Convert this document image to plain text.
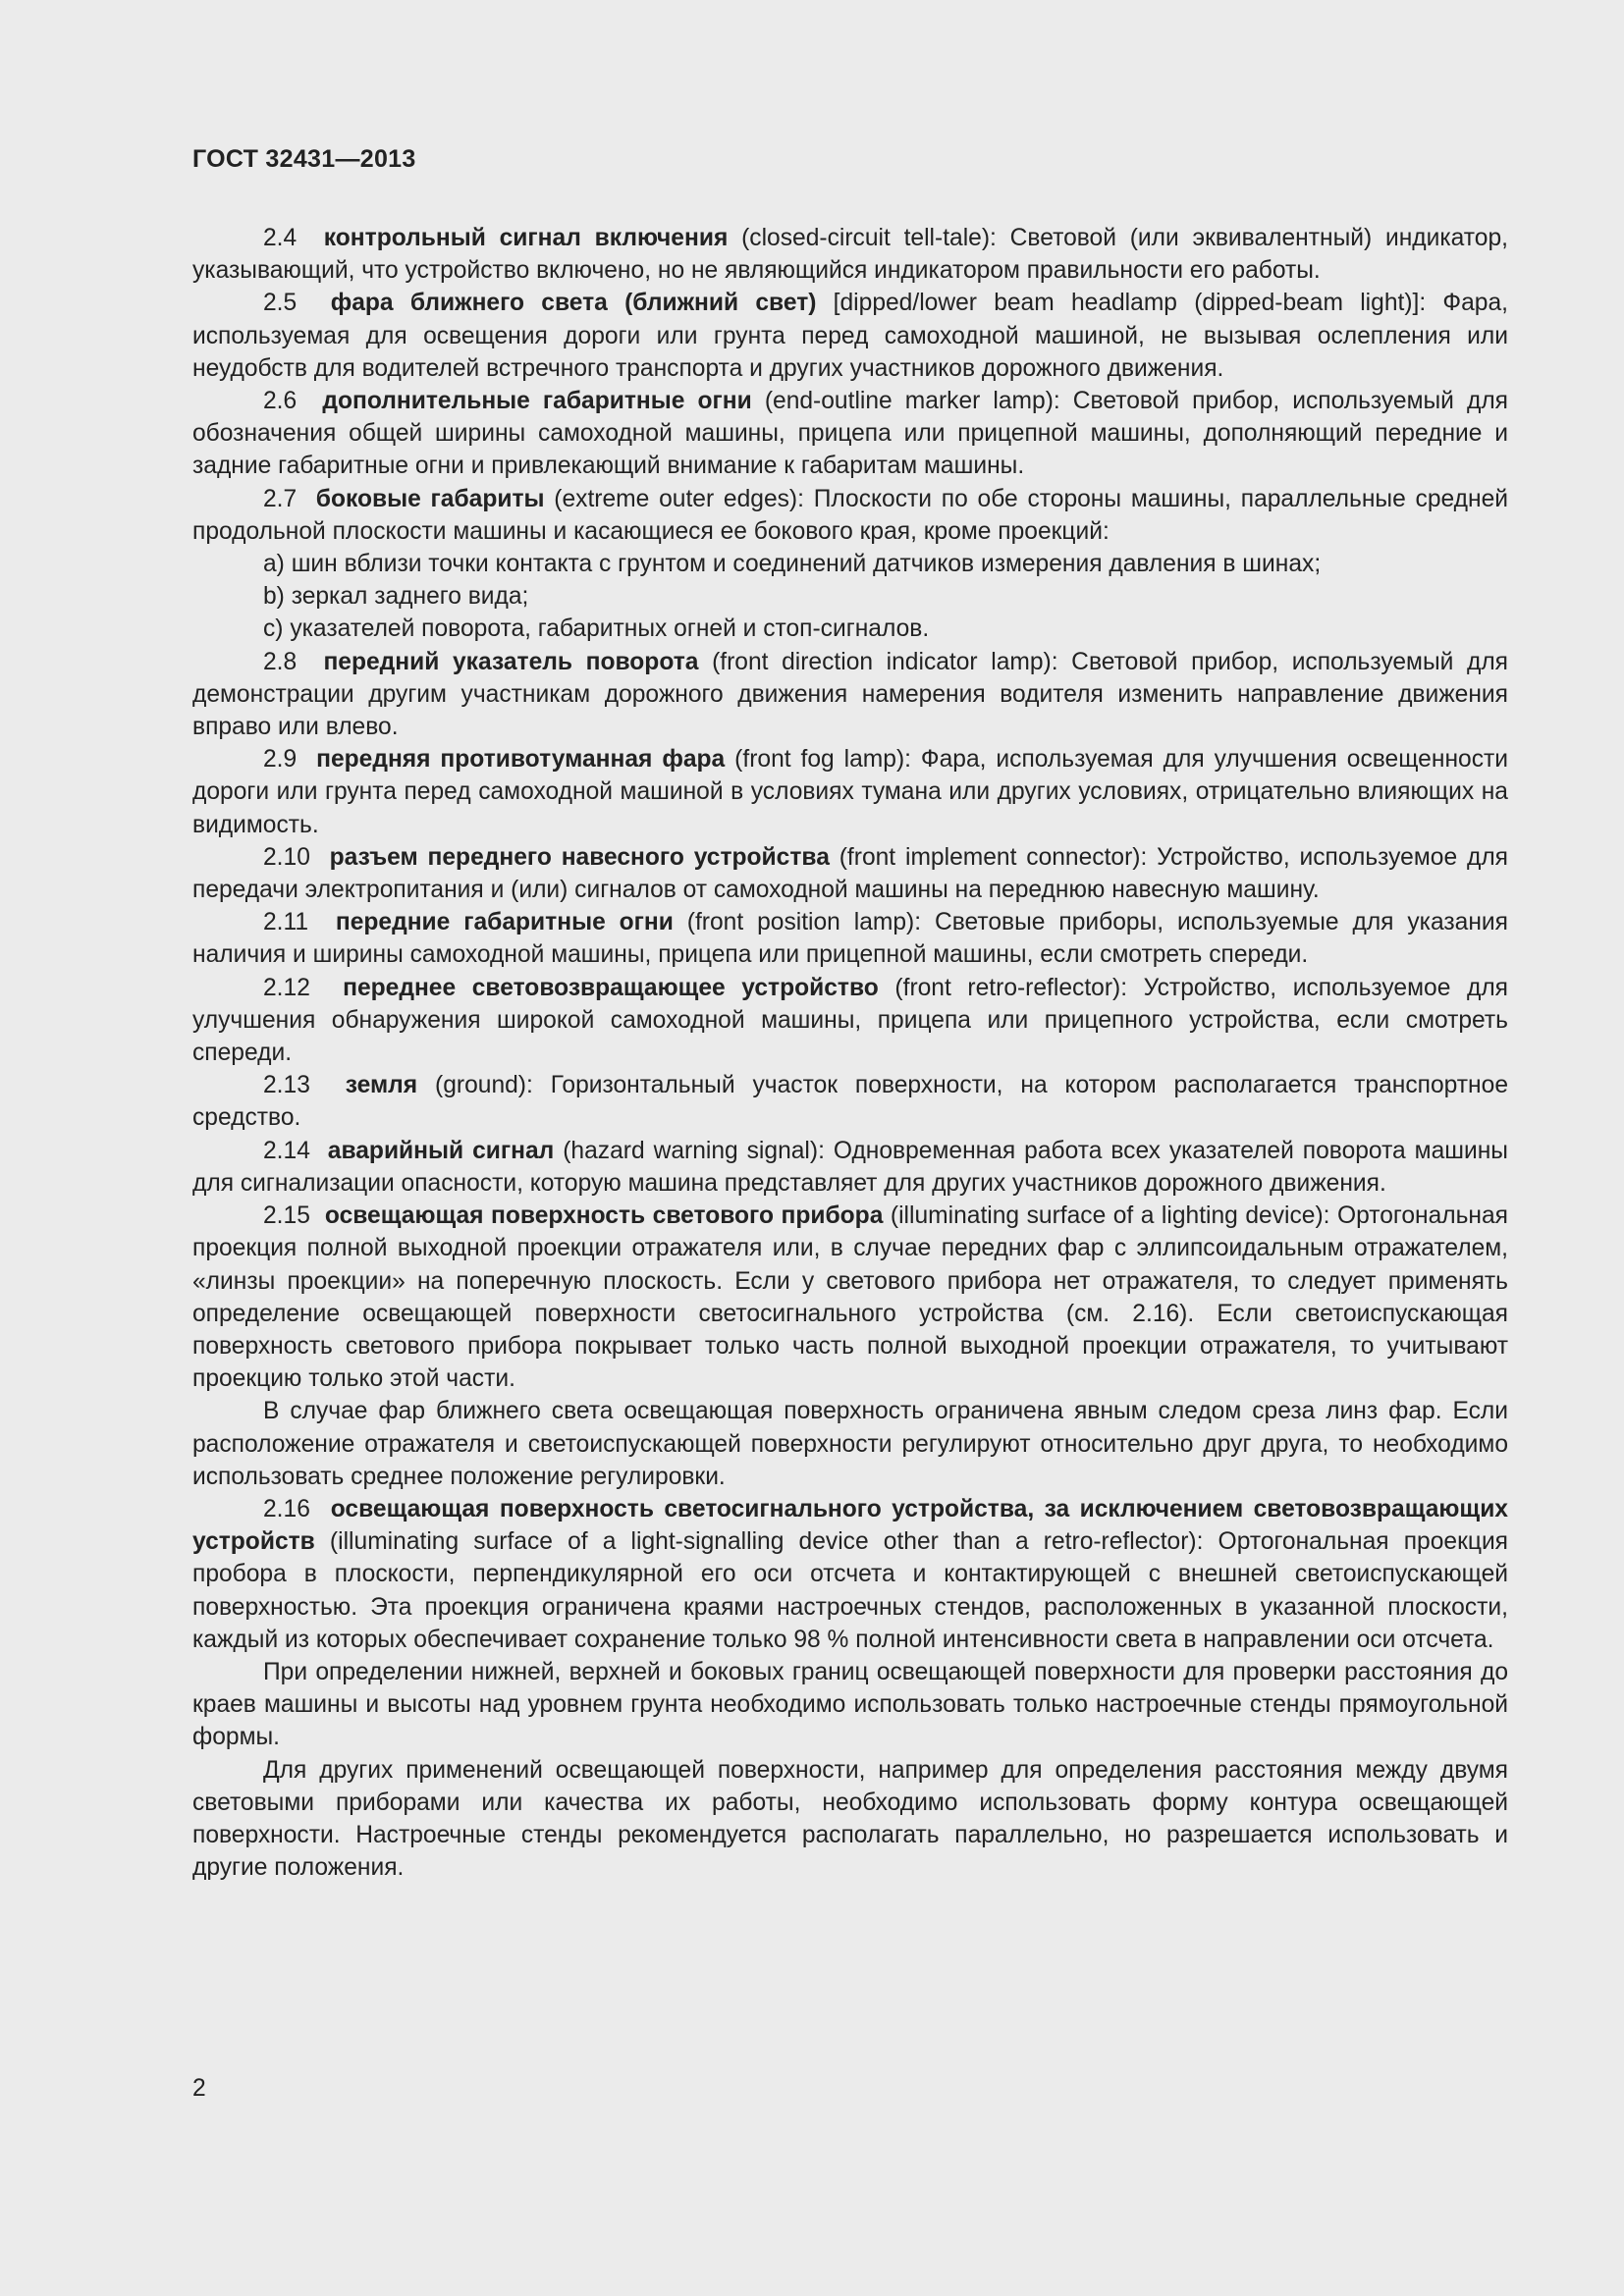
ГОСТ 32431—2013

2.4 контрольный сигнал включения (closed-circuit tell-tale): Световой (или эквивалентный) индикатор, указывающий, что устройство включено, но не являющийся индикатором правильности его работы.

2.5 фара ближнего света (ближний свет) [dipped/lower beam headlamp (dipped-beam light)]: Фара, используемая для освещения дороги или грунта перед самоходной машиной, не вызывая ослепления или неудобств для водителей встречного транспорта и других участников дорожного движения.

2.6 дополнительные габаритные огни (end-outline marker lamp): Световой прибор, используемый для обозначения общей ширины самоходной машины, прицепа или прицепной машины, дополняющий передние и задние габаритные огни и привлекающий внимание к габаритам машины.

2.7 боковые габариты (extreme outer edges): Плоскости по обе стороны машины, параллельные средней продольной плоскости машины и касающиеся ее бокового края, кроме проекций:

а) шин вблизи точки контакта с грунтом и соединений датчиков измерения давления в шинах;

b) зеркал заднего вида;

c) указателей поворота, габаритных огней и стоп-сигналов.

2.8 передний указатель поворота (front direction indicator lamp): Световой прибор, используемый для демонстрации другим участникам дорожного движения намерения водителя изменить направление движения вправо или влево.

2.9 передняя противотуманная фара (front fog lamp): Фара, используемая для улучшения освещенности дороги или грунта перед самоходной машиной в условиях тумана или других условиях, отрицательно влияющих на видимость.

2.10 разъем переднего навесного устройства (front implement connector): Устройство, используемое для передачи электропитания и (или) сигналов от самоходной машины на переднюю навесную машину.

2.11 передние габаритные огни (front position lamp): Световые приборы, используемые для указания наличия и ширины самоходной машины, прицепа или прицепной машины, если смотреть спереди.

2.12 переднее световозвращающее устройство (front retro-reflector): Устройство, используемое для улучшения обнаружения широкой самоходной машины, прицепа или прицепного устройства, если смотреть спереди.

2.13 земля (ground): Горизонтальный участок поверхности, на котором располагается транспортное средство.

2.14 аварийный сигнал (hazard warning signal): Одновременная работа всех указателей поворота машины для сигнализации опасности, которую машина представляет для других участников дорожного движения.

2.15 освещающая поверхность светового прибора (illuminating surface of a lighting device): Ортогональная проекция полной выходной проекции отражателя или, в случае передних фар с эллипсоидальным отражателем, «линзы проекции» на поперечную плоскость. Если у светового прибора нет отражателя, то следует применять определение освещающей поверхности светосигнального устройства (см. 2.16). Если светоиспускающая поверхность светового прибора покрывает только часть полной выходной проекции отражателя, то учитывают проекцию только этой части.

В случае фар ближнего света освещающая поверхность ограничена явным следом среза линз фар. Если расположение отражателя и светоиспускающей поверхности регулируют относительно друг друга, то необходимо использовать среднее положение регулировки.

2.16 освещающая поверхность светосигнального устройства, за исключением световозвращающих устройств (illuminating surface of a light-signalling device other than a retro-reflector): Ортогональная проекция пробора в плоскости, перпендикулярной его оси отсчета и контактирующей с внешней светоиспускающей поверхностью. Эта проекция ограничена краями настроечных стендов, расположенных в указанной плоскости, каждый из которых обеспечивает сохранение только 98 % полной интенсивности света в направлении оси отсчета.

При определении нижней, верхней и боковых границ освещающей поверхности для проверки расстояния до краев машины и высоты над уровнем грунта необходимо использовать только настроечные стенды прямоугольной формы.

Для других применений освещающей поверхности, например для определения расстояния между двумя световыми приборами или качества их работы, необходимо использовать форму контура освещающей поверхности. Настроечные стенды рекомендуется располагать параллельно, но разрешается использовать и другие положения.

2
